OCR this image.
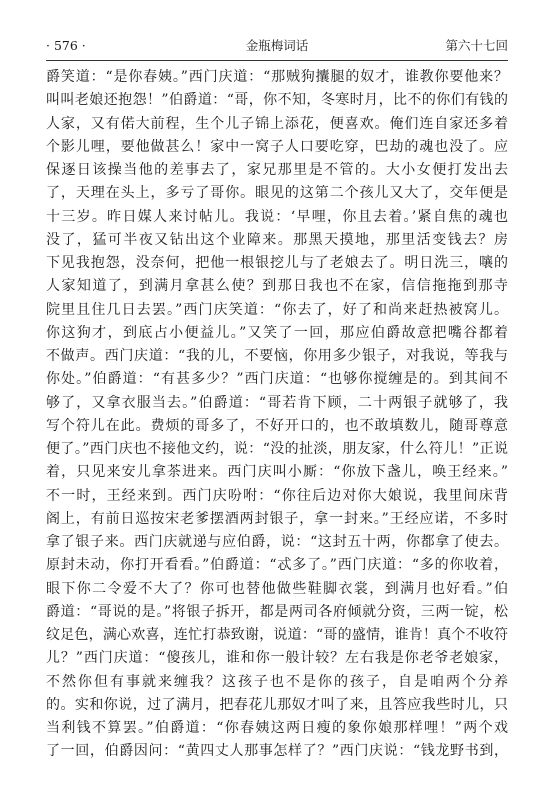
· 576 ·	金瓶梅词话	第六十七回
爵笑道：“是你春姨。”西门庆道：“那贼狗攮腿的奴才，谁教你要他来？
叫叫老娘还抱怨！”伯爵道：“哥，你不知，冬寒时月，比不的你们有钱的
人家，又有偌大前程，生个儿子锦上添花，便喜欢。俺们连自家还多着
个影儿哩，要他做甚么！家中一窝子人口要吃穿，巴劫的魂也没了。应
保逐日该操当他的差事去了，家兄那里是不管的。大小女便打发出去
了，天理在头上，多亏了哥你。眼见的这第二个孩儿又大了，交年便是
十三岁。昨日媒人来讨帖儿。我说：‘早哩，你且去着。’紧自焦的魂也
没了，猛可半夜又钻出这个业障来。那黑天摸地，那里活变钱去？房
下见我抱怨，没奈何，把他一根银挖儿与了老娘去了。明日洗三，嚷的
人家知道了，到满月拿甚么使？到那日我也不在家，信信拖拖到那寺
院里且住几日去罢。”西门庆笑道：“你去了，好了和尚来赶热被窝儿。
你这狗才，到底占小便益儿。”又笑了一回，那应伯爵故意把嘴谷都着
不做声。西门庆道：“我的儿，不要恼，你用多少银子，对我说，等我与
你处。”伯爵道：“有甚多少？”西门庆道：“也够你搅缠是的。到其间不
够了，又拿衣服当去。”伯爵道：“哥若肯下顾，二十两银子就够了，我
写个符儿在此。费烦的哥多了，不好开口的，也不敢填数儿，随哥尊意
便了。”西门庆也不接他文约，说：“没的扯淡，朋友家，什么符儿！”正说
着，只见来安儿拿茶进来。西门庆叫小厮：“你放下盏儿，唤王经来。”
不一时，王经来到。西门庆吩咐：“你往后边对你大娘说，我里间床背
阁上，有前日巡按宋老爹摆酒两封银子，拿一封来。”王经应诺，不多时
拿了银子来。西门庆就递与应伯爵，说：“这封五十两，你都拿了使去。
原封未动，你打开看看。”伯爵道：“忒多了。”西门庆道：“多的你收着，
眼下你二令爱不大了？你可也替他做些鞋脚衣裳，到满月也好看。”伯
爵道：“哥说的是。”将银子拆开，都是两司各府倾就分资，三两一锭，松
纹足色，满心欢喜，连忙打恭致谢，说道：“哥的盛情，谁肯！真个不收符
儿？”西门庆道：“傻孩儿，谁和你一般计较？左右我是你老爷老娘家，
不然你但有事就来缠我？这孩子也不是你的孩子，自是咱两个分养
的。实和你说，过了满月，把春花儿那奴才叫了来，且答应我些时儿，只
当利钱不算罢。”伯爵道：“你春姨这两日瘦的象你娘那样哩！”两个戏
了一回，伯爵因问：“黄四丈人那事怎样了？”西门庆说：“钱龙野书到，
